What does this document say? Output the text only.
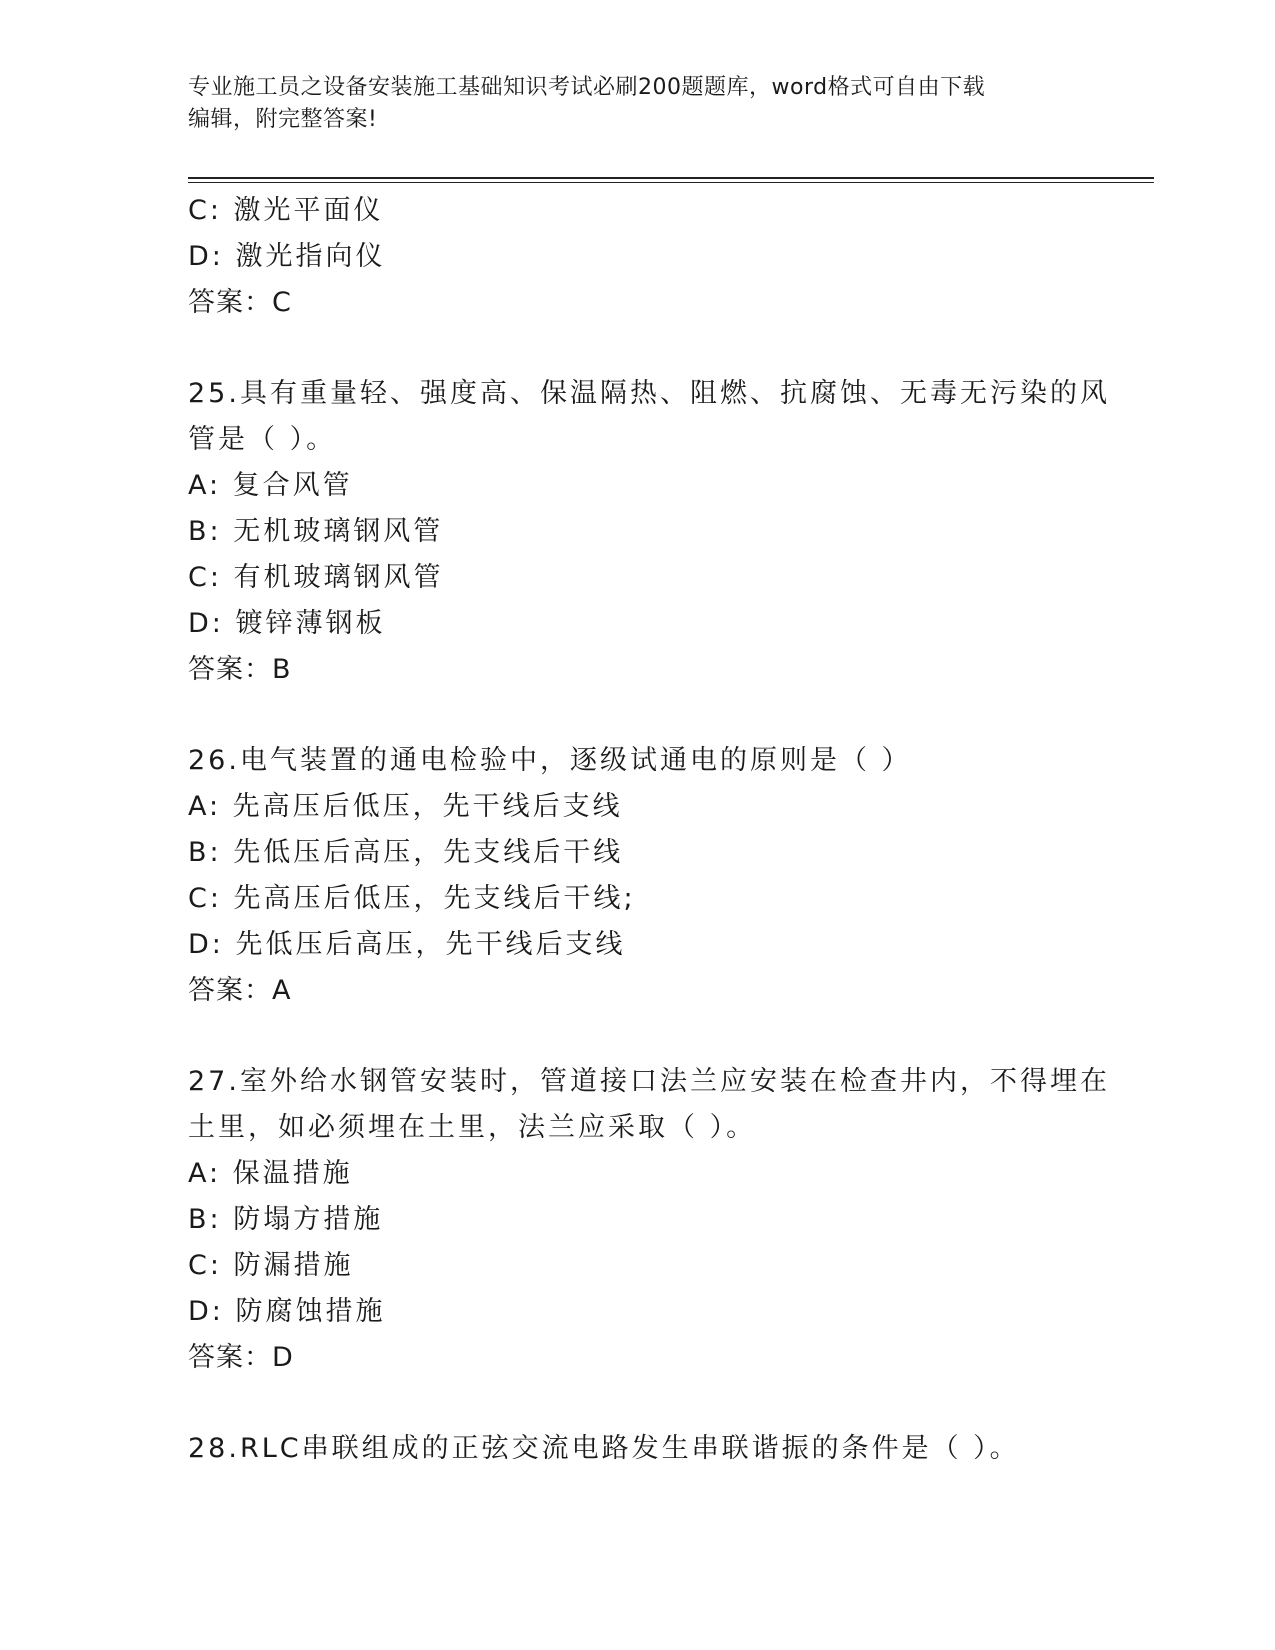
专业施工员之设备安装施工基础知识考试必刷200题题库，word格式可自由下载
编辑，附完整答案!
C: 激光平面仪
D: 激光指向仪
答案：C
25.具有重量轻、强度高、保温隔热、阻燃、抗腐蚀、无毒无污染的风
管是（ ）。
A: 复合风管
B: 无机玻璃钢风管
C: 有机玻璃钢风管
D: 镀锌薄钢板
答案：B
26.电气装置的通电检验中，逐级试通电的原则是（ ）
A: 先高压后低压，先干线后支线
B: 先低压后高压，先支线后干线
C: 先高压后低压，先支线后干线;
D: 先低压后高压，先干线后支线
答案：A
27.室外给水钢管安装时，管道接口法兰应安装在检查井内，不得埋在
土里，如必须埋在土里，法兰应采取（ ）。
A: 保温措施
B: 防塌方措施
C: 防漏措施
D: 防腐蚀措施
答案：D
28.RLC串联组成的正弦交流电路发生串联谐振的条件是（ ）。
